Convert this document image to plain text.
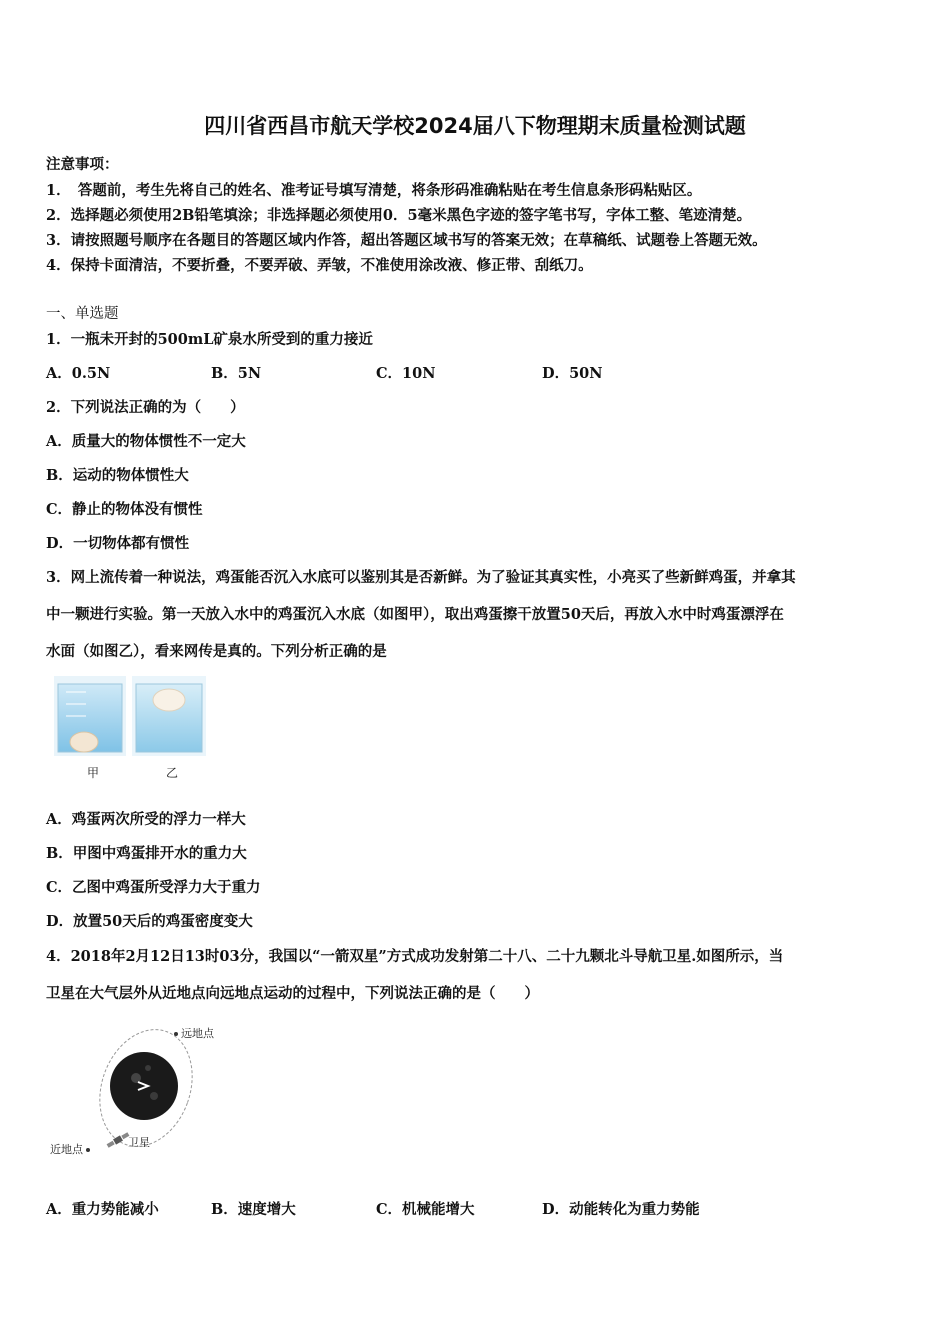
四川省西昌市航天学校2024届八下物理期末质量检测试题
注意事项：
1．　答题前，考生先将自己的姓名、准考证号填写清楚，将条形码准确粘贴在考生信息条形码粘贴区。
2．选择题必须使用2B铅笔填涂；非选择题必须使用0．5毫米黑色字迹的签字笔书写，字体工整、笔迹清楚。
3．请按照题号顺序在各题目的答题区域内作答，超出答题区域书写的答案无效；在草稿纸、试题卷上答题无效。
4．保持卡面清洁，不要折叠，不要弄破、弄皱，不准使用涂改液、修正带、刮纸刀。
一、单选题
1．一瓶未开封的500mL矿泉水所受到的重力接近
A．0.5N	B．5N	C．10N	D．50N
2．下列说法正确的为（　　）
A．质量大的物体惯性不一定大
B．运动的物体惯性大
C．静止的物体没有惯性
D．一切物体都有惯性
3．网上流传着一种说法，鸡蛋能否沉入水底可以鉴别其是否新鲜。为了验证其真实性，小亮买了些新鲜鸡蛋，并拿其
中一颗进行实验。第一天放入水中的鸡蛋沉入水底（如图甲），取出鸡蛋擦干放置50天后，再放入水中时鸡蛋漂浮在
水面（如图乙），看来网传是真的。下列分析正确的是
甲	乙
A．鸡蛋两次所受的浮力一样大
B．甲图中鸡蛋排开水的重力大
C．乙图中鸡蛋所受浮力大于重力
D．放置50天后的鸡蛋密度变大
4．2018年2月12日13时03分，我国以“一箭双星”方式成功发射第二十八、二十九颗北斗导航卫星.如图所示，当
卫星在大气层外从近地点向远地点运动的过程中，下列说法正确的是（　　）
远地点
近地点
卫星
A．重力势能减小	B．速度增大	C．机械能增大	D．动能转化为重力势能
